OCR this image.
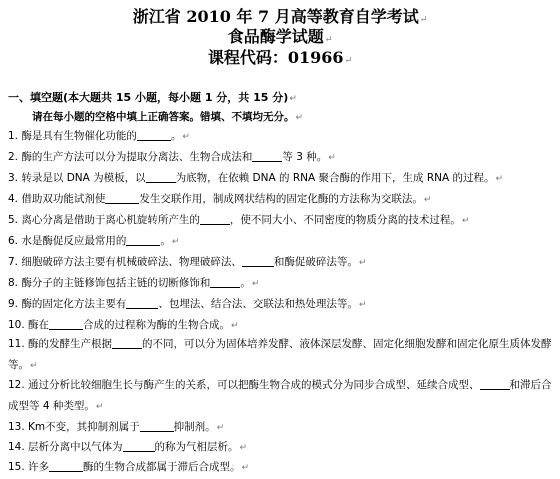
浙江省 2010 年 7 月高等教育自学考试↵
食品酶学试题↵
课程代码：01966↵
一、填空题(本大题共 15 小题，每小题 1 分，共 15 分)↵
请在每小题的空格中填上正确答案。错填、不填均无分。↵
1. 酶是具有生物催化功能的	。↵
2. 酶的生产方法可以分为提取分离法、生物合成法和	等 3 种。↵
3. 转录是以 DNA 为模板，以	为底物，在依赖 DNA 的 RNA 聚合酶的作用下，生成 RNA 的过程。↵
4. 借助双功能试剂使	发生交联作用，制成网状结构的固定化酶的方法称为交联法。↵
5. 离心分离是借助于离心机旋转所产生的	，使不同大小、不同密度的物质分离的技术过程。↵
6. 水是酶促反应最常用的	。↵
7. 细胞破碎方法主要有机械破碎法、物理破碎法、	和酶促破碎法等。↵
8. 酶分子的主链修饰包括主链的切断修饰和	。↵
9. 酶的固定化方法主要有	、包埋法、结合法、交联法和热处理法等。↵
10. 酶在	合成的过程称为酶的生物合成。↵
11. 酶的发酵生产根据	的不同，可以分为固体培养发酵、液体深层发酵、固定化细胞发酵和固定化原生质体发酵等。↵
12. 通过分析比较细胞生长与酶产生的关系，可以把酶生物合成的模式分为同步合成型、延续合成型、	和滞后合成型等 4 种类型。↵
13. Km不变，其抑制剂属于	抑制剂。↵
14. 层析分离中以气体为	的称为气相层析。↵
15. 许多	酶的生物合成都属于滞后合成型。↵
